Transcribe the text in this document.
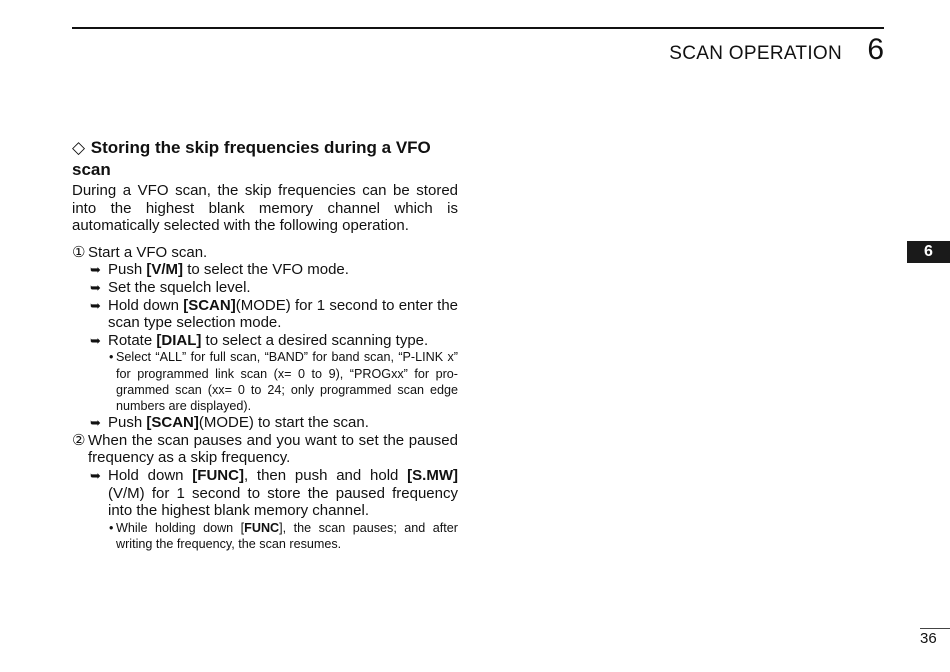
SCAN OPERATION 6
6
◇ Storing the skip frequencies during a VFO scan

During a VFO scan, the skip frequencies can be stored into the highest blank memory channel which is automatically selected with the following operation.

① Start a VFO scan.
➥ Push [V/M] to select the VFO mode.
➥ Set the squelch level.
➥ Hold down [SCAN](MODE) for 1 second to enter the scan type selection mode.
➥ Rotate [DIAL] to select a desired scanning type.
• Select “ALL” for full scan, “BAND” for band scan, “P-LINK x” for programmed link scan (x= 0 to 9), “PROGxx” for pro-grammed scan (xx= 0 to 24; only programmed scan edge numbers are displayed).
➥ Push [SCAN](MODE) to start the scan.
② When the scan pauses and you want to set the paused frequency as a skip frequency.
➥ Hold down [FUNC], then push and hold [S.MW](V/M) for 1 second to store the paused frequency into the highest blank memory channel.
• While holding down [FUNC], the scan pauses; and after writing the frequency, the scan resumes.
36
